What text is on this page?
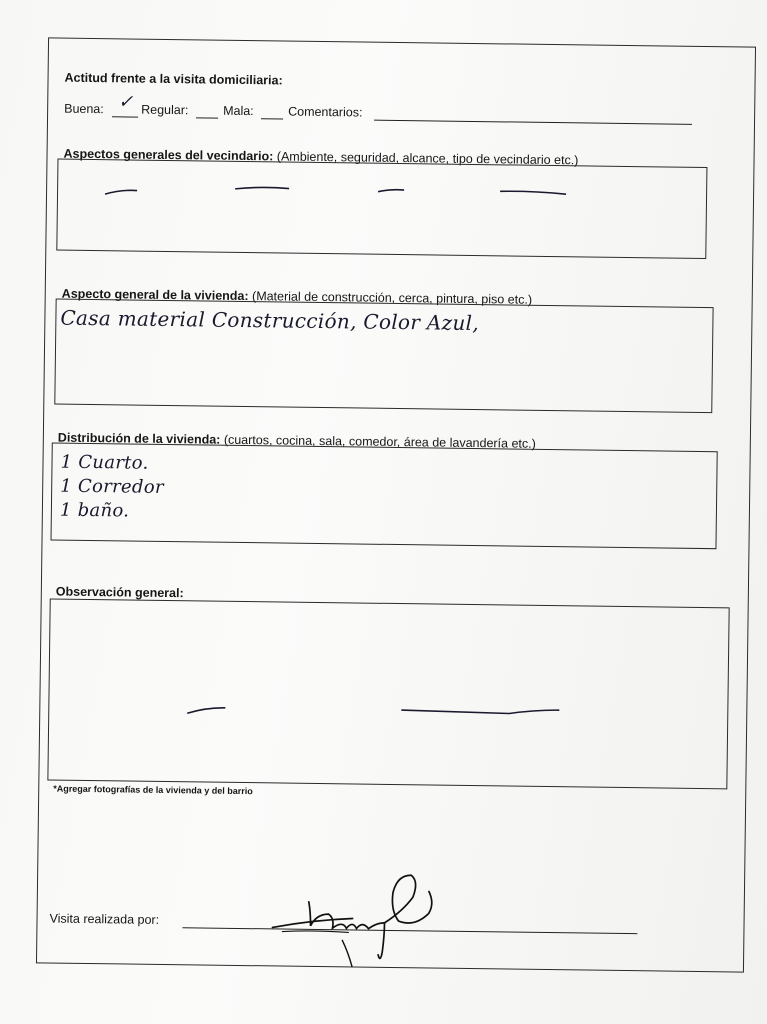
Actitud frente a la visita domiciliaria:
Buena: ✓ Regular:	Mala:	Comentarios:
Aspectos generales del vecindario: (Ambiente, seguridad, alcance, tipo de vecindario etc.)
Aspecto general de la vivienda: (Material de construcción, cerca, pintura, piso etc.)
Casa material Construcción, Color Azul,
Distribución de la vivienda: (cuartos, cocina, sala, comedor, área de lavandería etc.)
1 Cuarto.
1 Corredor
1 baño.
Observación general:
*Agregar fotografías de la vivienda y del barrio
Visita realizada por:
